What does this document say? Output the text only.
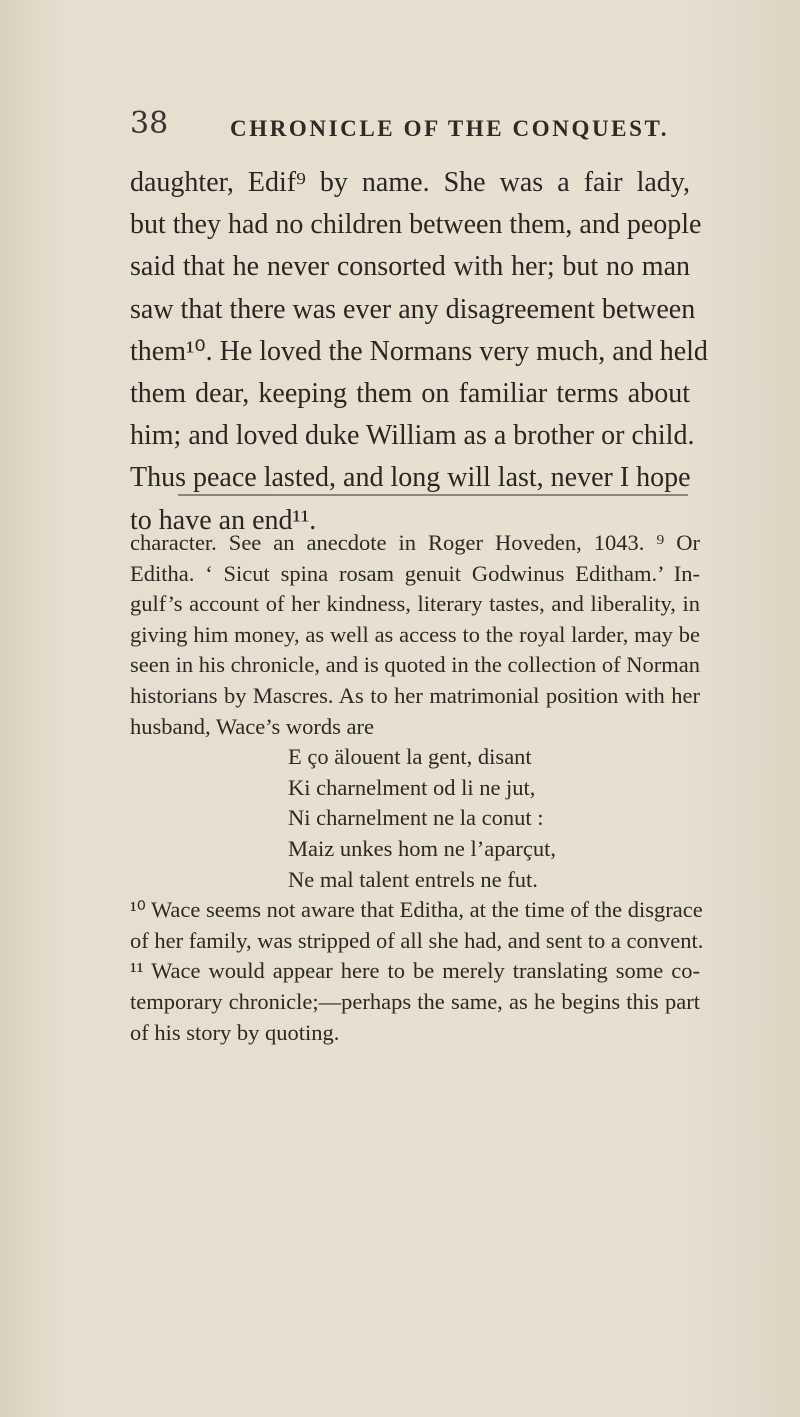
38	CHRONICLE OF THE CONQUEST.
daughter, Edif⁹ by name. She was a fair lady,
but they had no children between them, and people
said that he never consorted with her; but no man
saw that there was ever any disagreement between
them¹⁰. He loved the Normans very much, and held
them dear, keeping them on familiar terms about
him; and loved duke William as a brother or child.
Thus peace lasted, and long will last, never I hope
to have an end¹¹.
character. See an anecdote in Roger Hoveden, 1043. ⁹ Or
Editha. ‘ Sicut spina rosam genuit Godwinus Editham.’ In-
gulf’s account of her kindness, literary tastes, and liberality, in
giving him money, as well as access to the royal larder, may be
seen in his chronicle, and is quoted in the collection of Norman
historians by Mascres. As to her matrimonial position with her
husband, Wace’s words are
E ço älouent la gent, disant
Ki charnelment od li ne jut,
Ni charnelment ne la conut :
Maiz unkes hom ne l’aparçut,
Ne mal talent entrels ne fut.
¹⁰ Wace seems not aware that Editha, at the time of the disgrace
of her family, was stripped of all she had, and sent to a convent.
¹¹ Wace would appear here to be merely translating some co-
temporary chronicle;—perhaps the same, as he begins this part
of his story by quoting.
